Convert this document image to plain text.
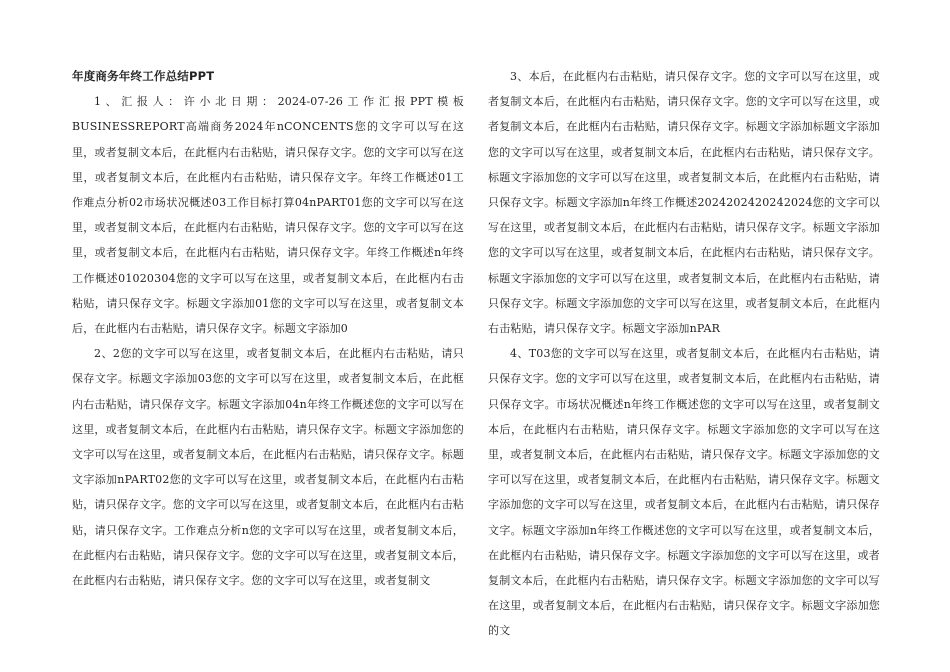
年度商务年终工作总结PPT

1、汇报人：许小北日期：2024-07-26工作汇报PPT模板BUSINESSREPORT高端商务2024年nCONCENTS您的文字可以写在这里，或者复制文本后，在此框内右击粘贴，请只保存文字。您的文字可以写在这里，或者复制文本后，在此框内右击粘贴，请只保存文字。年终工作概述01工作难点分析02市场状况概述03工作目标打算04nPART01您的文字可以写在这里，或者复制文本后，在此框内右击粘贴，请只保存文字。您的文字可以写在这里，或者复制文本后，在此框内右击粘贴，请只保存文字。年终工作概述n年终工作概述01020304您的文字可以写在这里，或者复制文本后，在此框内右击粘贴，请只保存文字。标题文字添加01您的文字可以写在这里，或者复制文本后，在此框内右击粘贴，请只保存文字。标题文字添加0

2、2您的文字可以写在这里，或者复制文本后，在此框内右击粘贴，请只保存文字。标题文字添加03您的文字可以写在这里，或者复制文本后，在此框内右击粘贴，请只保存文字。标题文字添加04n年终工作概述您的文字可以写在这里，或者复制文本后，在此框内右击粘贴，请只保存文字。标题文字添加您的文字可以写在这里，或者复制文本后，在此框内右击粘贴，请只保存文字。标题文字添加nPART02您的文字可以写在这里，或者复制文本后，在此框内右击粘贴，请只保存文字。您的文字可以写在这里，或者复制文本后，在此框内右击粘贴，请只保存文字。工作难点分析n您的文字可以写在这里，或者复制文本后，在此框内右击粘贴，请只保存文字。您的文字可以写在这里，或者复制文本后，在此框内右击粘贴，请只保存文字。您的文字可以写在这里，或者复制文

3、本后，在此框内右击粘贴，请只保存文字。您的文字可以写在这里，或者复制文本后，在此框内右击粘贴，请只保存文字。您的文字可以写在这里，或者复制文本后，在此框内右击粘贴，请只保存文字。标题文字添加标题文字添加您的文字可以写在这里，或者复制文本后，在此框内右击粘贴，请只保存文字。标题文字添加您的文字可以写在这里，或者复制文本后，在此框内右击粘贴，请只保存文字。标题文字添加n年终工作概述2024202420242024您的文字可以写在这里，或者复制文本后，在此框内右击粘贴，请只保存文字。标题文字添加您的文字可以写在这里，或者复制文本后，在此框内右击粘贴，请只保存文字。标题文字添加您的文字可以写在这里，或者复制文本后，在此框内右击粘贴，请只保存文字。标题文字添加您的文字可以写在这里，或者复制文本后，在此框内右击粘贴，请只保存文字。标题文字添加nPAR

4、T03您的文字可以写在这里，或者复制文本后，在此框内右击粘贴，请只保存文字。您的文字可以写在这里，或者复制文本后，在此框内右击粘贴，请只保存文字。市场状况概述n年终工作概述您的文字可以写在这里，或者复制文本后，在此框内右击粘贴，请只保存文字。标题文字添加您的文字可以写在这里，或者复制文本后，在此框内右击粘贴，请只保存文字。标题文字添加您的文字可以写在这里，或者复制文本后，在此框内右击粘贴，请只保存文字。标题文字添加您的文字可以写在这里，或者复制文本后，在此框内右击粘贴，请只保存文字。标题文字添加n年终工作概述您的文字可以写在这里，或者复制文本后，在此框内右击粘贴，请只保存文字。标题文字添加您的文字可以写在这里，或者复制文本后，在此框内右击粘贴，请只保存文字。标题文字添加您的文字可以写在这里，或者复制文本后，在此框内右击粘贴，请只保存文字。标题文字添加您的文
